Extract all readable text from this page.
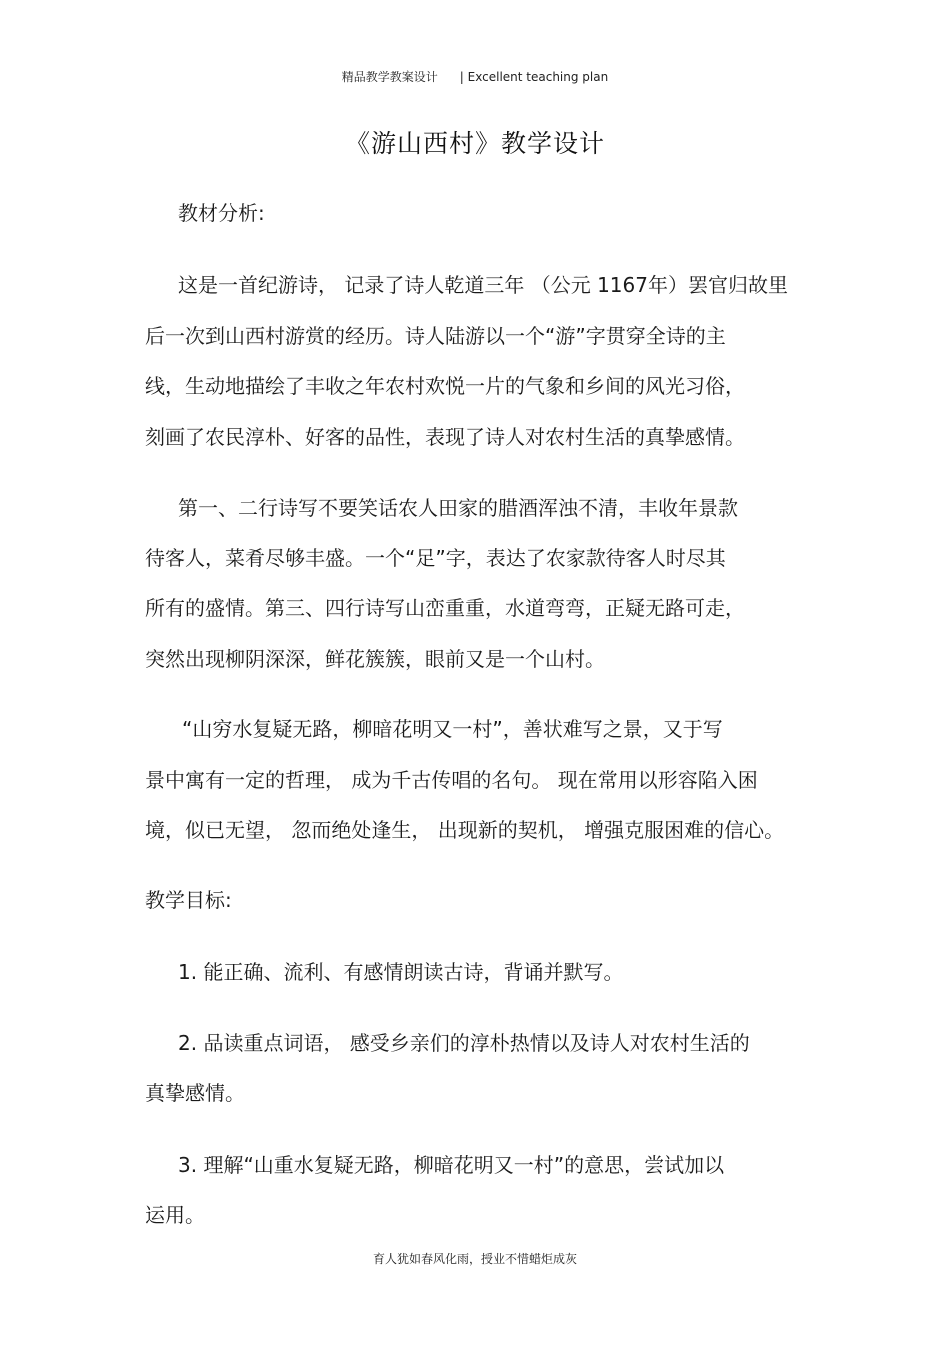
精品教学教案设计 | Excellent teaching plan
《游山西村》教学设计
教材分析:
这是一首纪游诗， 记录了诗人乾道三年 （公元 1167年）罢官归故里
后一次到山西村游赏的经历。诗人陆游以一个“游”字贯穿全诗的主
线，生动地描绘了丰收之年农村欢悦一片的气象和乡间的风光习俗，
刻画了农民淳朴、好客的品性，表现了诗人对农村生活的真挚感情。
第一、二行诗写不要笑话农人田家的腊酒浑浊不清，丰收年景款
待客人，菜肴尽够丰盛。一个“足”字，表达了农家款待客人时尽其
所有的盛情。第三、四行诗写山峦重重，水道弯弯，正疑无路可走，
突然出现柳阴深深，鲜花簇簇，眼前又是一个山村。
“山穷水复疑无路，柳暗花明又一村”，善状难写之景，又于写
景中寓有一定的哲理， 成为千古传唱的名句。 现在常用以形容陷入困
境，似已无望， 忽而绝处逢生， 出现新的契机， 增强克服困难的信心。
教学目标:
1. 能正确、流利、有感情朗读古诗，背诵并默写。
2. 品读重点词语， 感受乡亲们的淳朴热情以及诗人对农村生活的
真挚感情。
3. 理解“山重水复疑无路，柳暗花明又一村”的意思，尝试加以
运用。
育人犹如春风化雨，授业不惜蜡炬成灰
